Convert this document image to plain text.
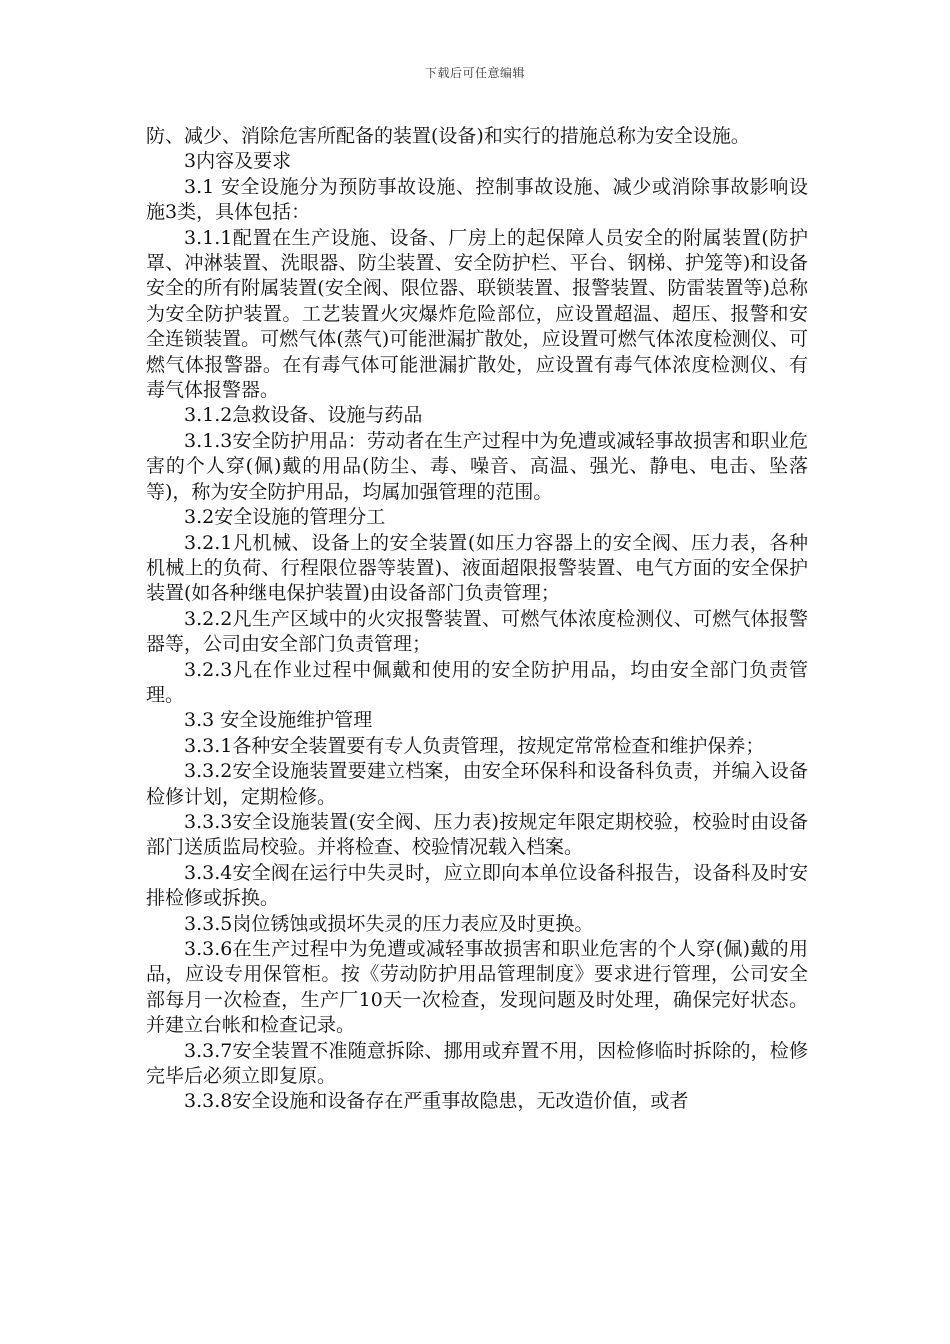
下载后可任意编辑

防、减少、消除危害所配备的装置(设备)和实行的措施总称为安全设施。

3内容及要求

3.1 安全设施分为预防事故设施、控制事故设施、减少或消除事故影响设施3类，具体包括：

3.1.1配置在生产设施、设备、厂房上的起保障人员安全的附属装置(防护罩、冲淋装置、洗眼器、防尘装置、安全防护栏、平台、钢梯、护笼等)和设备安全的所有附属装置(安全阀、限位器、联锁装置、报警装置、防雷装置等)总称为安全防护装置。工艺装置火灾爆炸危险部位，应设置超温、超压、报警和安全连锁装置。可燃气体(蒸气)可能泄漏扩散处，应设置可燃气体浓度检测仪、可燃气体报警器。在有毒气体可能泄漏扩散处，应设置有毒气体浓度检测仪、有毒气体报警器。

3.1.2急救设备、设施与药品

3.1.3安全防护用品：劳动者在生产过程中为免遭或减轻事故损害和职业危害的个人穿(佩)戴的用品(防尘、毒、噪音、高温、强光、静电、电击、坠落等)，称为安全防护用品，均属加强管理的范围。

3.2安全设施的管理分工

3.2.1凡机械、设备上的安全装置(如压力容器上的安全阀、压力表，各种机械上的负荷、行程限位器等装置)、液面超限报警装置、电气方面的安全保护装置(如各种继电保护装置)由设备部门负责管理；

3.2.2凡生产区域中的火灾报警装置、可燃气体浓度检测仪、可燃气体报警器等，公司由安全部门负责管理；

3.2.3凡在作业过程中佩戴和使用的安全防护用品，均由安全部门负责管理。

3.3 安全设施维护管理

3.3.1各种安全装置要有专人负责管理，按规定常常检查和维护保养；

3.3.2安全设施装置要建立档案，由安全环保科和设备科负责，并编入设备检修计划，定期检修。

3.3.3安全设施装置(安全阀、压力表)按规定年限定期校验，校验时由设备部门送质监局校验。并将检查、校验情况载入档案。

3.3.4安全阀在运行中失灵时，应立即向本单位设备科报告，设备科及时安排检修或拆换。

3.3.5岗位锈蚀或损坏失灵的压力表应及时更换。

3.3.6在生产过程中为免遭或减轻事故损害和职业危害的个人穿(佩)戴的用品，应设专用保管柜。按《劳动防护用品管理制度》要求进行管理，公司安全部每月一次检查，生产厂10天一次检查，发现问题及时处理，确保完好状态。 并建立台帐和检查记录。

3.3.7安全装置不准随意拆除、挪用或弃置不用，因检修临时拆除的，检修完毕后必须立即复原。

3.3.8安全设施和设备存在严重事故隐患，无改造价值，或者
